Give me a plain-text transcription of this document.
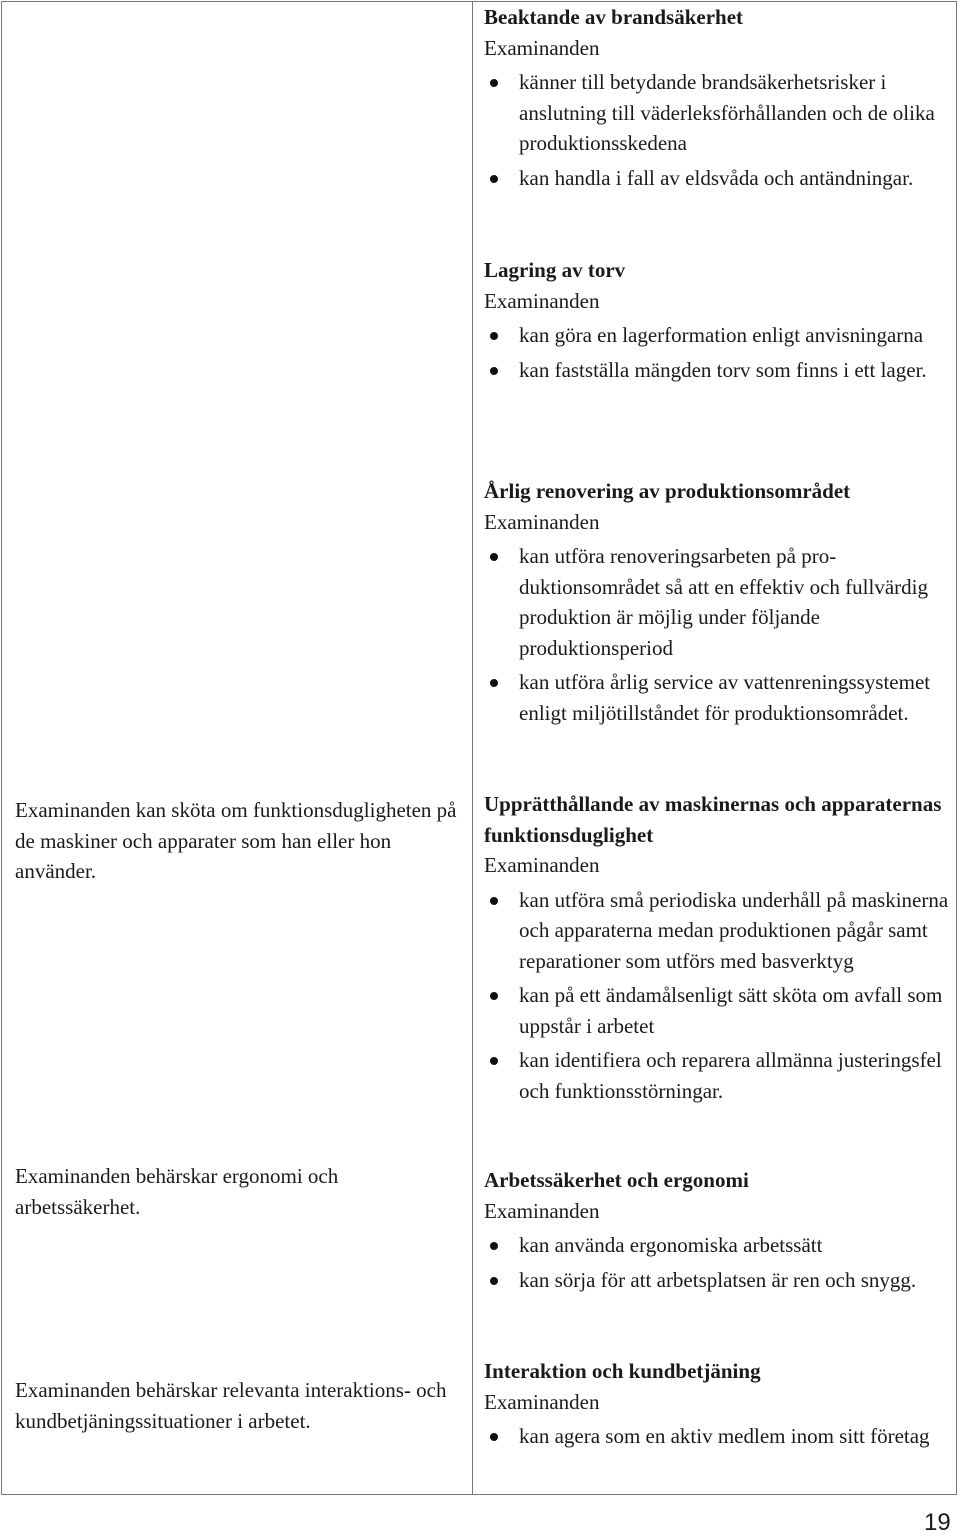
Examinanden kan sköta om funktionsdugligheten på de maskiner och apparater som han eller hon använder.

Examinanden behärskar ergonomi och arbetssäkerhet.

Examinanden behärskar relevanta interaktions- och kundbetjäningssituationer i arbetet.

Beaktande av brandsäkerhet
Examinanden
känner till betydande brandsäkerhetsrisker i anslutning till väderleksförhållanden och de olika produktionsskedena
kan handla i fall av eldsvåda och antändningar.
Lagring av torv
Examinanden
kan göra en lagerformation enligt anvisningarna
kan fastställa mängden torv som finns i ett lager.
Årlig renovering av produktionsområdet
Examinanden
kan utföra renoveringsarbeten på produktionsområdet så att en effektiv och fullvärdig produktion är möjlig under följande produktionsperiod
kan utföra årlig service av vattenreningssystemet enligt miljötillståndet för produktionsområdet.
Upprätthållande av maskinernas och apparaternas funktionsduglighet
Examinanden
kan utföra små periodiska underhåll på maskinerna och apparaterna medan produktionen pågår samt reparationer som utförs med basverktyg
kan på ett ändamålsenligt sätt sköta om avfall som uppstår i arbetet
kan identifiera och reparera allmänna justeringsfel och funktionsstörningar.
Arbetssäkerhet och ergonomi
Examinanden
kan använda ergonomiska arbetssätt
kan sörja för att arbetsplatsen är ren och snygg.
Interaktion och kundbetjäning
Examinanden
kan agera som en aktiv medlem inom sitt företag
19
